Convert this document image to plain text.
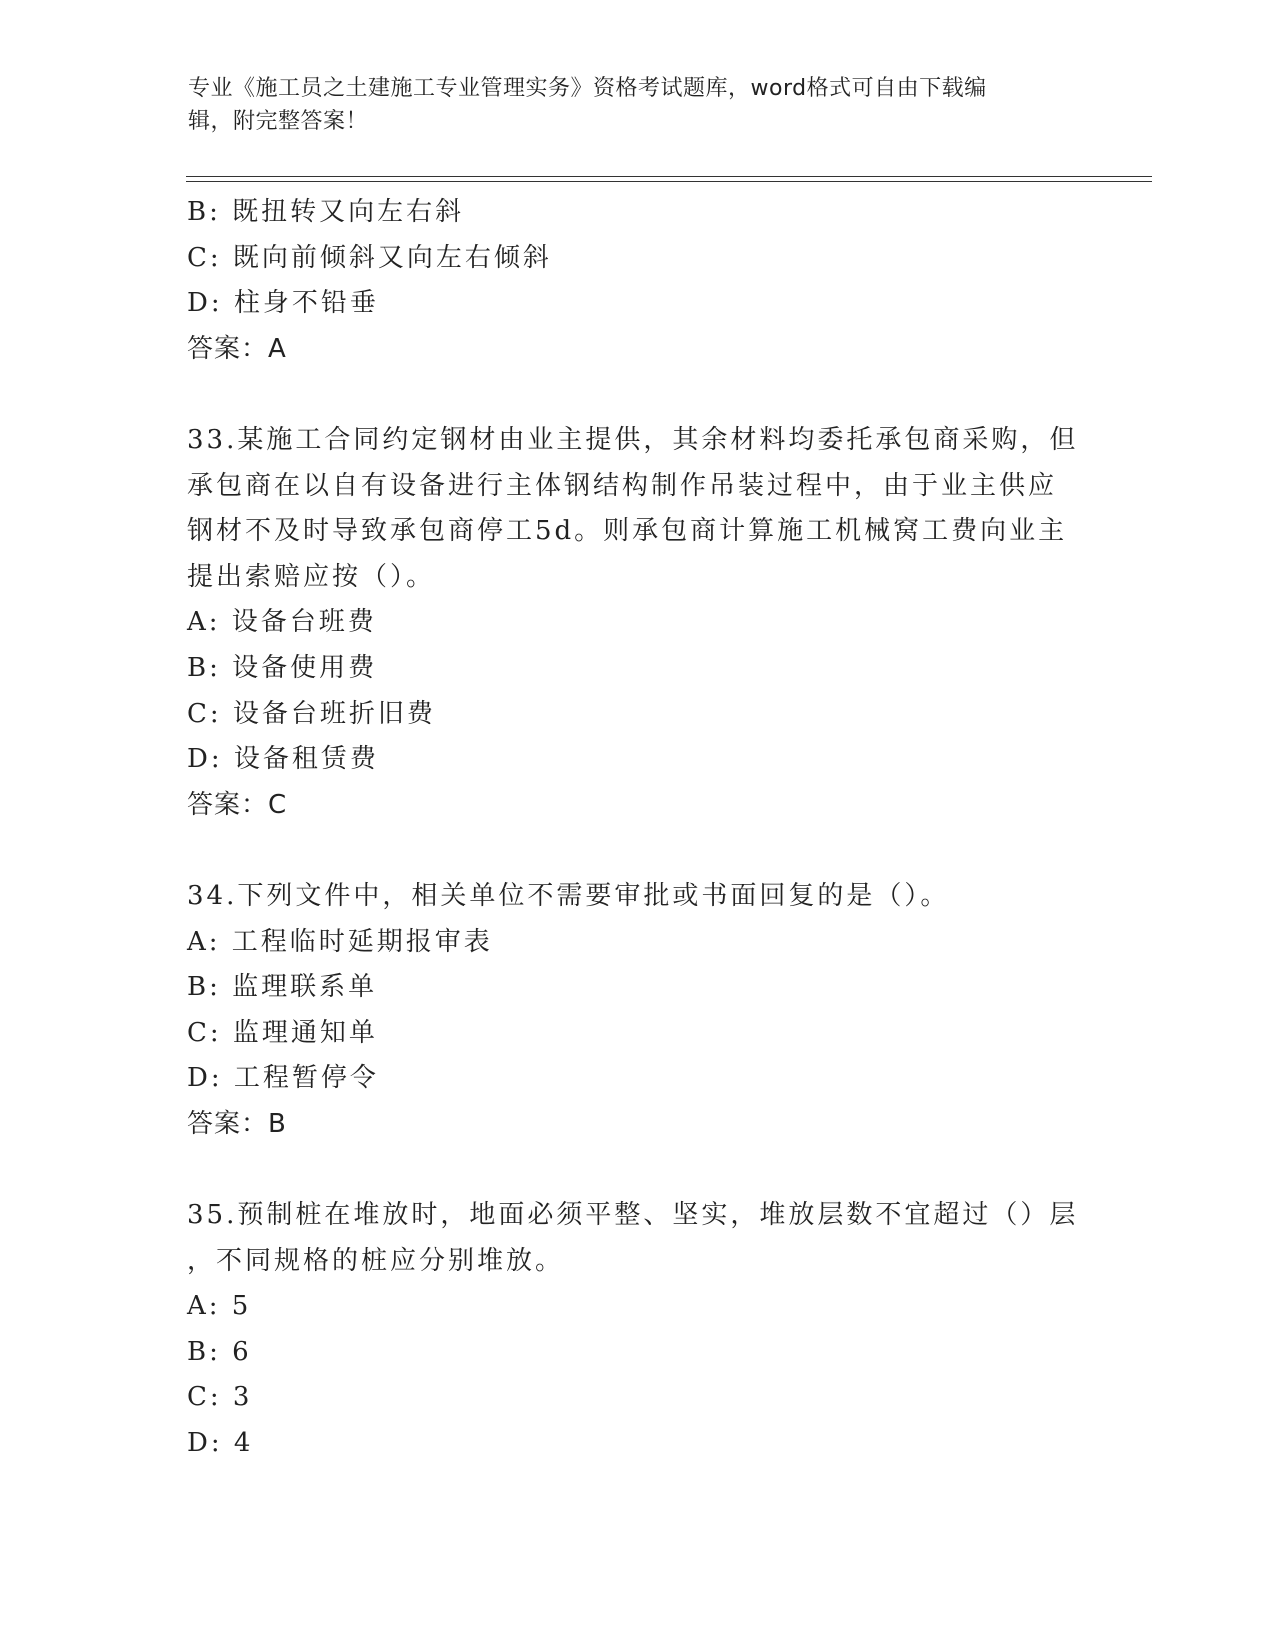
专业《施工员之土建施工专业管理实务》资格考试题库，word格式可自由下载编
辑，附完整答案！
B: 既扭转又向左右斜
C: 既向前倾斜又向左右倾斜
D: 柱身不铅垂
答案：A
33.某施工合同约定钢材由业主提供，其余材料均委托承包商采购，但
承包商在以自有设备进行主体钢结构制作吊装过程中，由于业主供应
钢材不及时导致承包商停工5d。则承包商计算施工机械窝工费向业主
提出索赔应按（）。
A: 设备台班费
B: 设备使用费
C: 设备台班折旧费
D: 设备租赁费
答案：C
34.下列文件中，相关单位不需要审批或书面回复的是（）。
A: 工程临时延期报审表
B: 监理联系单
C: 监理通知单
D: 工程暂停令
答案：B
35.预制桩在堆放时，地面必须平整、坚实，堆放层数不宜超过（）层
，不同规格的桩应分别堆放。
A: 5
B: 6
C: 3
D: 4
